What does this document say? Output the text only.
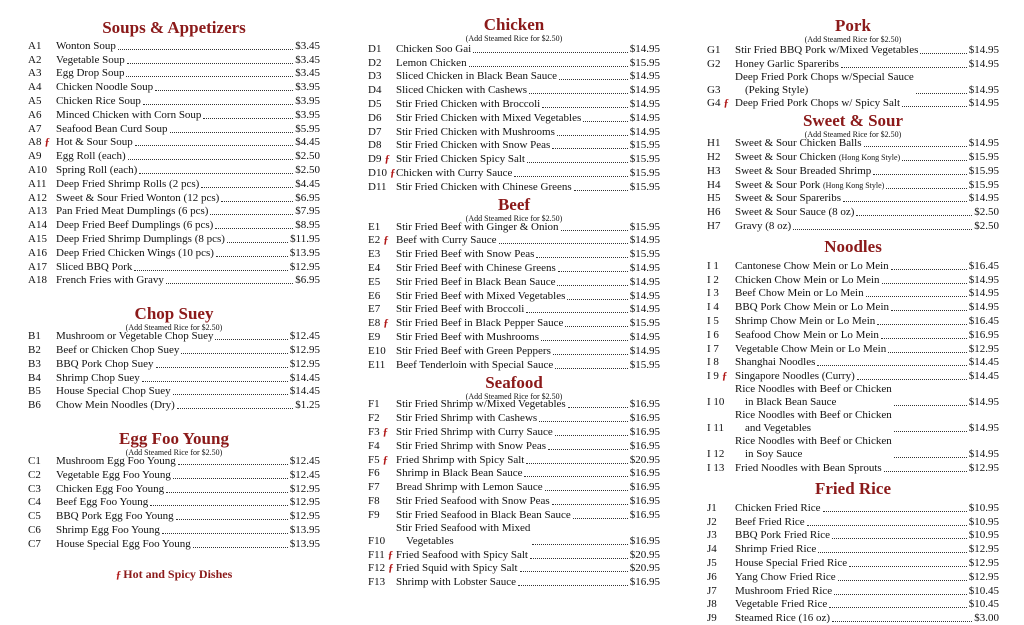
Soups & Appetizers
A1	Wonton Soup	$3.45
A2	Vegetable Soup	$3.45
A3	Egg Drop Soup	$3.45
A4	Chicken Noodle Soup	$3.95
A5	Chicken Rice Soup	$3.95
A6	Minced Chicken with Corn Soup	$3.95
A7	Seafood Bean Curd Soup	$5.95
A8 ƒ Hot & Sour Soup	$4.45
A9	Egg Roll (each)	$2.50
A10 Spring Roll (each)	$2.50
A11 Deep Fried Shrimp Rolls (2 pcs)	$4.45
A12 Sweet & Sour Fried Wonton (12 pcs)	$6.95
A13 Pan Fried Meat Dumplings (6 pcs)	$7.95
A14 Deep Fried Beef Dumplings (6 pcs)	$8.95
A15 Deep Fried Shrimp Dumplings (8 pcs)	$11.95
A16 Deep Fried Chicken Wings (10 pcs)	$13.95
A17 Sliced BBQ Pork	$12.95
A18 French Fries with Gravy	$6.95
Chop Suey
(Add Steamed Rice for $2.50)
B1	Mushroom or Vegetable Chop Suey	$12.45
B2	Beef or Chicken Chop Suey	$12.95
B3	BBQ Pork Chop Suey	$12.95
B4	Shrimp Chop Suey	$14.45
B5	House Special Chop Suey	$14.45
B6	Chow Mein Noodles (Dry)	$1.25
Egg Foo Young
(Add Steamed Rice for $2.50)
C1	Mushroom Egg Foo Young	$12.45
C2	Vegetable Egg Foo Young	$12.45
C3	Chicken Egg Foo Young	$12.95
C4	Beef Egg Foo Young	$12.95
C5	BBQ Pork Egg Foo Young	$12.95
C6	Shrimp Egg Foo Young	$13.95
C7	House Special Egg Foo Young	$13.95
ƒ Hot and Spicy Dishes
Chicken
(Add Steamed Rice for $2.50)
D1	Chicken Soo Gai	$14.95
D2	Lemon Chicken	$15.95
D3	Sliced Chicken in Black Bean Sauce	$14.95
D4	Sliced Chicken with Cashews	$14.95
D5	Stir Fried Chicken with Broccoli	$14.95
D6	Stir Fried Chicken with Mixed Vegetables	$14.95
D7	Stir Fried Chicken with Mushrooms	$14.95
D8	Stir Fried Chicken with Snow Peas	$15.95
D9 ƒ Stir Fried Chicken Spicy Salt	$15.95
D10 ƒ Chicken with Curry Sauce	$15.95
D11 Stir Fried Chicken with Chinese Greens	$15.95
Beef
(Add Steamed Rice for $2.50)
E1	Stir Fried Beef with Ginger & Onion	$15.95
E2 ƒ Beef with Curry Sauce	$14.95
E3	Stir Fried Beef with Snow Peas	$15.95
E4	Stir Fried Beef with Chinese Greens	$14.95
E5	Stir Fried Beef in Black Bean Sauce	$14.95
E6	Stir Fried Beef with Mixed Vegetables	$14.95
E7	Stir Fried Beef with Broccoli	$14.95
E8 ƒ Stir Fried Beef in Black Pepper Sauce	$15.95
E9	Stir Fried Beef with Mushrooms	$14.95
E10 Stir Fried Beef with Green Peppers	$14.95
E11 Beef Tenderloin with Special Sauce	$15.95
Seafood
(Add Steamed Rice for $2.50)
F1	Stir Fried Shrimp w/Mixed Vegetables	$16.95
F2	Stir Fried Shrimp with Cashews	$16.95
F3 ƒ Stir Fried Shrimp with Curry Sauce	$16.95
F4	Stir Fried Shrimp with Snow Peas	$16.95
F5 ƒ Fried Shrimp with Spicy Salt	$20.95
F6	Shrimp in Black Bean Sauce	$16.95
F7	Bread Shrimp with Lemon Sauce	$16.95
F8	Stir Fried Seafood with Snow Peas	$16.95
F9	Stir Fried Seafood in Black Bean Sauce	$16.95
F10
Stir Fried Seafood with Mixed
Vegetables	$16.95
F11 ƒ Fried Seafood with Spicy Salt	$20.95
F12 ƒ Fried Squid with Spicy Salt	$20.95
F13 Shrimp with Lobster Sauce	$16.95
Pork
(Add Steamed Rice for $2.50)
G1	Stir Fried BBQ Pork w/Mixed Vegetables	$14.95
G2	Honey Garlic Spareribs	$14.95
G3
Deep Fried Pork Chops w/Special Sauce
(Peking Style)	$14.95
G4 ƒ Deep Fried Pork Chops w/ Spicy Salt	$14.95
Sweet & Sour
(Add Steamed Rice for $2.50)
H1	Sweet & Sour Chicken Balls	$14.95
H2	Sweet & Sour Chicken (Hong Kong Style)	$15.95
H3	Sweet & Sour Breaded Shrimp	$15.95
H4	Sweet & Sour Pork (Hong Kong Style)	$15.95
H5	Sweet & Sour Spareribs	$14.95
H6	Sweet & Sour Sauce (8 oz)	$2.50
H7	Gravy (8 oz)	$2.50
Noodles
I 1	Cantonese Chow Mein or Lo Mein	$16.45
I 2	Chicken Chow Mein or Lo Mein	$14.95
I 3	Beef Chow Mein or Lo Mein	$14.95
I 4	BBQ Pork Chow Mein or Lo Mein	$14.95
I 5	Shrimp Chow Mein or Lo Mein	$16.45
I 6	Seafood Chow Mein or Lo Mein	$16.95
I 7	Vegetable Chow Mein or Lo Mein	$12.95
I 8	Shanghai Noodles	$14.45
I 9 ƒ Singapore Noodles (Curry)	$14.45
I 10
Rice Noodles with Beef or Chicken
in Black Bean Sauce	$14.95
I 11
Rice Noodles with Beef or Chicken
and Vegetables	$14.95
I 12
Rice Noodles with Beef or Chicken
in Soy Sauce	$14.95
I 13 Fried Noodles with Bean Sprouts	$12.95
Fried Rice
J1	Chicken Fried Rice	$10.95
J2	Beef Fried Rice	$10.95
J3	BBQ Pork Fried Rice	$10.95
J4	Shrimp Fried Rice	$12.95
J5	House Special Fried Rice	$12.95
J6	Yang Chow Fried Rice	$12.95
J7	Mushroom Fried Rice	$10.45
J8	Vegetable Fried Rice	$10.45
J9	Steamed Rice (16 oz)	$3.00
